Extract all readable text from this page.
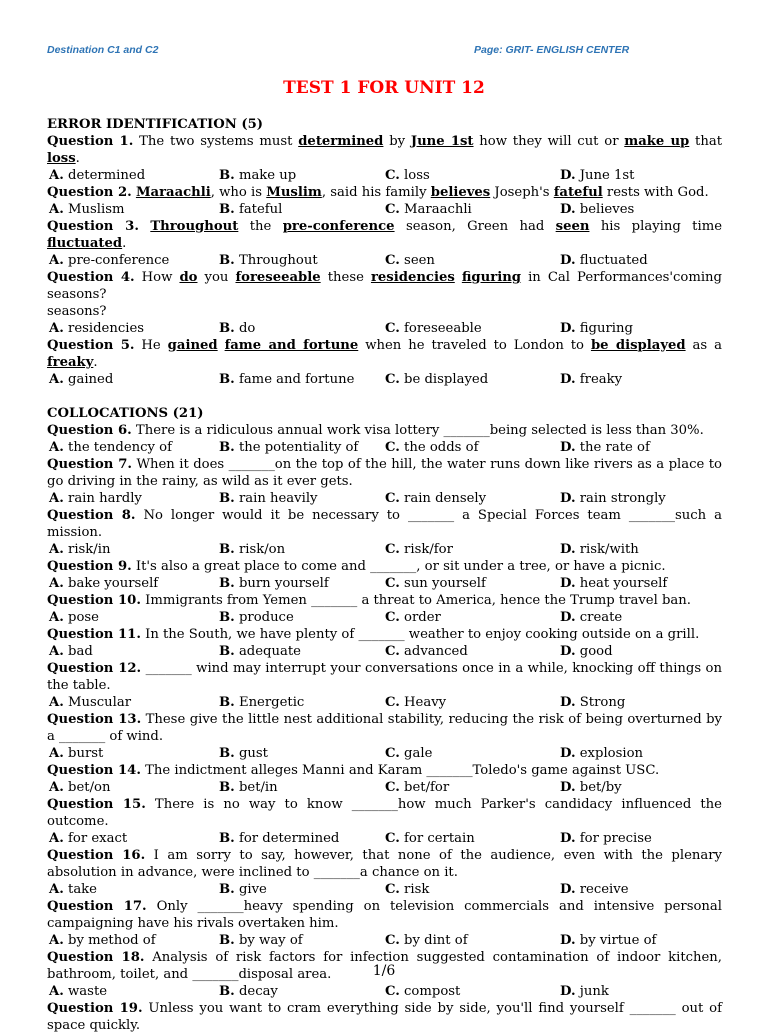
Destination C1 and C2	Page: GRIT- ENGLISH CENTER
TEST 1 FOR UNIT 12
ERROR IDENTIFICATION (5)
Question 1. The two systems must determined by June 1st how they will cut or make up that loss.
A. determined	B. make up	C. loss	D. June 1st
Question 2. Maraachli, who is Muslim, said his family believes Joseph's fateful rests with God.
A. Muslism	B. fateful	C. Maraachli	D. believes
Question 3. Throughout the pre-conference season, Green had seen his playing time fluctuated.
A. pre-conference	B. Throughout	C. seen	D. fluctuated
Question 4. How do you foreseeable these residencies figuring in Cal Performances'coming seasons?
seasons?
A. residencies	B. do	C. foreseeable	D. figuring
Question 5. He gained fame and fortune when he traveled to London to be displayed as a freaky.
A. gained	B. fame and fortune C. be displayed	D. freaky
COLLOCATIONS (21)
Question 6. There is a ridiculous annual work visa lottery _______being selected is less than 30%.
A. the tendency of	B. the potentiality of C. the odds of	D. the rate of
Question 7. When it does _______on the top of the hill, the water runs down like rivers as a place to go driving in the rainy, as wild as it ever gets.
A. rain hardly	B. rain heavily	C. rain densely	D. rain strongly
Question 8. No longer would it be necessary to _______ a Special Forces team _______such a mission.
A. risk/in	B. risk/on	C. risk/for	D. risk/with
Question 9. It's also a great place to come and _______, or sit under a tree, or have a picnic.
A. bake yourself	B. burn yourself	C. sun yourself	D. heat yourself
Question 10. Immigrants from Yemen _______ a threat to America, hence the Trump travel ban.
A. pose	B. produce	C. order	D. create
Question 11. In the South, we have plenty of _______ weather to enjoy cooking outside on a grill.
A. bad	B. adequate	C. advanced	D. good
Question 12. _______ wind may interrupt your conversations once in a while, knocking off things on the table.
A. Muscular	B. Energetic	C. Heavy	D. Strong
Question 13. These give the little nest additional stability, reducing the risk of being overturned by a _______ of wind.
A. burst	B. gust	C. gale	D. explosion
Question 14. The indictment alleges Manni and Karam _______Toledo's game against USC.
A. bet/on	B. bet/in	C. bet/for	D. bet/by
Question 15. There is no way to know _______how much Parker's candidacy influenced the outcome.
A. for exact	B. for determined	C. for certain	D. for precise
Question 16. I am sorry to say, however, that none of the audience, even with the plenary absolution in advance, were inclined to _______a chance on it.
A. take	B. give	C. risk	D. receive
Question 17. Only _______heavy spending on television commercials and intensive personal campaigning have his rivals overtaken him.
A. by method of	B. by way of	C. by dint of	D. by virtue of
Question 18. Analysis of risk factors for infection suggested contamination of indoor kitchen, bathroom, toilet, and _______disposal area.
A. waste	B. decay	C. compost	D. junk
Question 19. Unless you want to cram everything side by side, you'll find yourself _______ out of space quickly.
1/6
